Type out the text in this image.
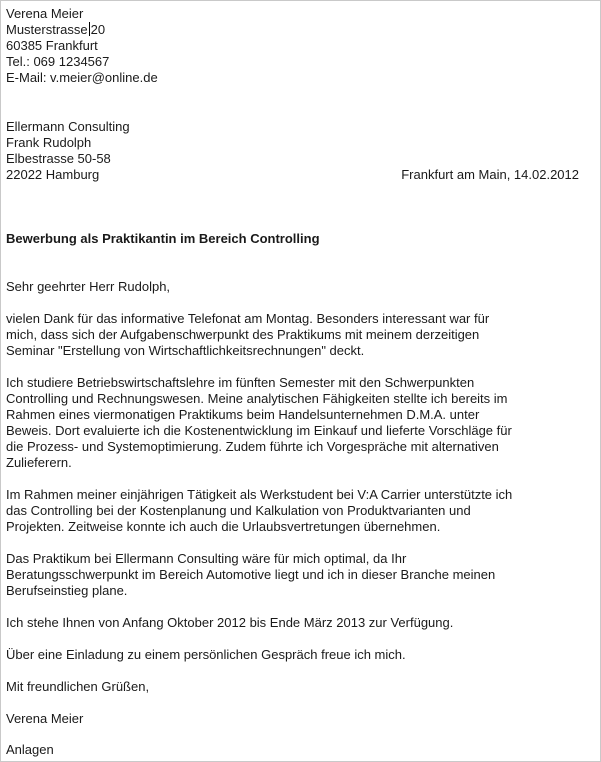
Verena Meier
Musterstrasse 20
60385 Frankfurt
Tel.: 069 1234567
E-Mail: v.meier@online.de
Ellermann Consulting
Frank Rudolph
Elbestrasse 50-58
22022 Hamburg	Frankfurt am Main, 14.02.2012
Bewerbung als Praktikantin im Bereich Controlling
Sehr geehrter Herr Rudolph,
vielen Dank für das informative Telefonat am Montag. Besonders interessant war für
mich, dass sich der Aufgabenschwerpunkt des Praktikums mit meinem derzeitigen
Seminar "Erstellung von Wirtschaftlichkeitsrechnungen" deckt.
Ich studiere Betriebswirtschaftslehre im fünften Semester mit den Schwerpunkten
Controlling und Rechnungswesen. Meine analytischen Fähigkeiten stellte ich bereits im
Rahmen eines viermonatigen Praktikums beim Handelsunternehmen D.M.A. unter
Beweis. Dort evaluierte ich die Kostenentwicklung im Einkauf und lieferte Vorschläge für
die Prozess- und Systemoptimierung. Zudem führte ich Vorgespräche mit alternativen
Zulieferern.
Im Rahmen meiner einjährigen Tätigkeit als Werkstudent bei V:A Carrier unterstützte ich
das Controlling bei der Kostenplanung und Kalkulation von Produktvarianten und
Projekten. Zeitweise konnte ich auch die Urlaubsvertretungen übernehmen.
Das Praktikum bei Ellermann Consulting wäre für mich optimal, da Ihr
Beratungsschwerpunkt im Bereich Automotive liegt und ich in dieser Branche meinen
Berufseinstieg plane.
Ich stehe Ihnen von Anfang Oktober 2012 bis Ende März 2013 zur Verfügung.
Über eine Einladung zu einem persönlichen Gespräch freue ich mich.
Mit freundlichen Grüßen,
Verena Meier
Anlagen
